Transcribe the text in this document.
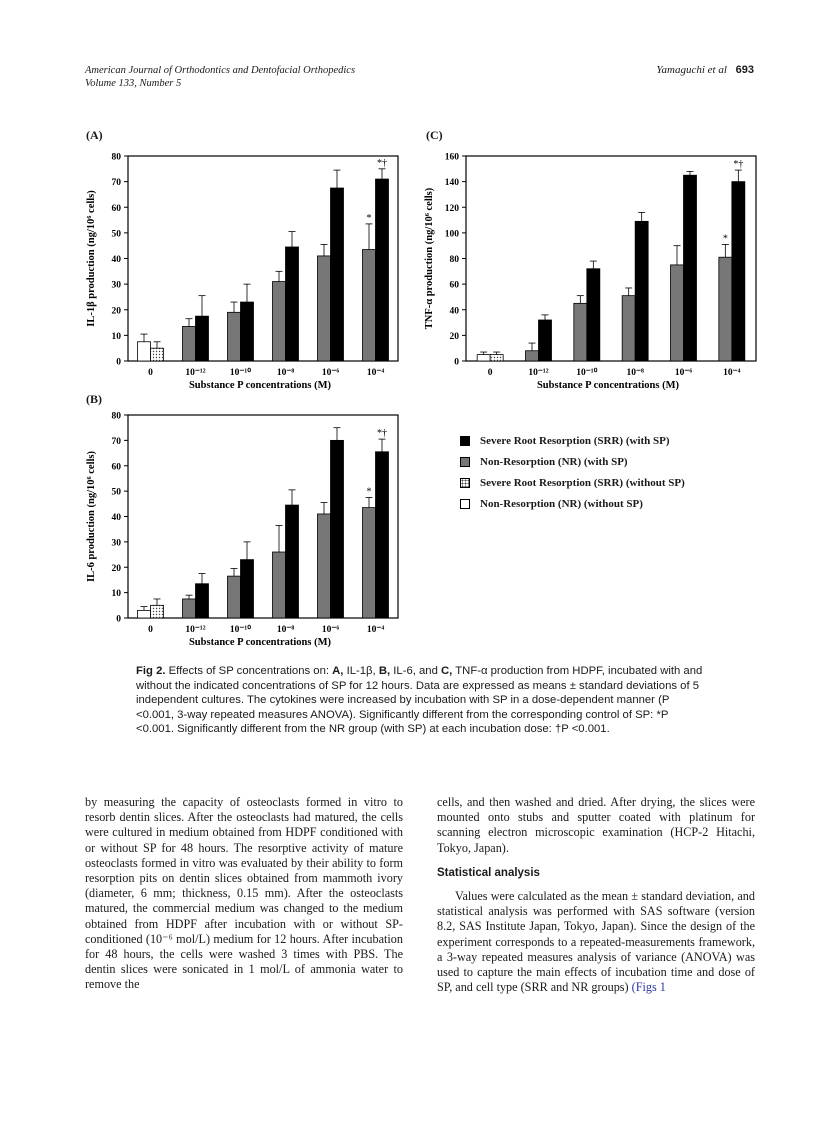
American Journal of Orthodontics and Dentofacial Orthopedics
Volume 133, Number 5
Yamaguchi et al 693
(A)
(B)
(C)
0
10
20
30
40
50
60
70
80
IL-1β production (ng/10⁶ cells)
0	10⁻¹²	10⁻¹⁰	10⁻⁸	10⁻⁶	10⁻⁴
*
*†
Substance P concentrations (M)
0
10
20
30
40
50
60
70
80
IL-6 production (ng/10⁶ cells)
0	10⁻¹²	10⁻¹⁰	10⁻⁸	10⁻⁶	10⁻⁴
*
*†
Substance P concentrations (M)
0
20
40
60
80
100
120
140
160
TNF-α production (ng/10⁶ cells)
0	10⁻¹²	10⁻¹⁰	10⁻⁸	10⁻⁶	10⁻⁴
*
*†
Substance P concentrations (M)
Severe Root Resorption (SRR) (with SP)
Non-Resorption (NR) (with SP)
Severe Root Resorption (SRR) (without SP)
Non-Resorption (NR) (without SP)
Fig 2. Effects of SP concentrations on: A, IL-1β, B, IL-6, and C, TNF-α production from HDPF, incubated with and without the indicated concentrations of SP for 12 hours. Data are expressed as means ± standard deviations of 5 independent cultures. The cytokines were increased by incubation with SP in a dose-dependent manner (P <0.001, 3-way repeated measures ANOVA). Significantly different from the corresponding control of SP: *P <0.001. Significantly different from the NR group (with SP) at each incubation dose: †P <0.001.
by measuring the capacity of osteoclasts formed in vitro to resorb dentin slices. After the osteoclasts had matured, the cells were cultured in medium obtained from HDPF conditioned with or without SP for 48 hours. The resorptive activity of mature osteoclasts formed in vitro was evaluated by their ability to form resorption pits on dentin slices obtained from mammoth ivory (diameter, 6 mm; thickness, 0.15 mm). After the osteoclasts matured, the commercial medium was changed to the medium obtained from HDPF after incubation with or without SP-conditioned (10⁻⁶ mol/L) medium for 12 hours. After incubation for 48 hours, the cells were washed 3 times with PBS. The dentin slices were sonicated in 1 mol/L of ammonia water to remove the
cells, and then washed and dried. After drying, the slices were mounted onto stubs and sputter coated with platinum for scanning electron microscopic examination (HCP-2 Hitachi, Tokyo, Japan).
Statistical analysis
Values were calculated as the mean ± standard deviation, and statistical analysis was performed with SAS software (version 8.2, SAS Institute Japan, Tokyo, Japan). Since the design of the experiment corresponds to a repeated-measurements framework, a 3-way repeated measures analysis of variance (ANOVA) was used to capture the main effects of incubation time and dose of SP, and cell type (SRR and NR groups) (Figs 1
